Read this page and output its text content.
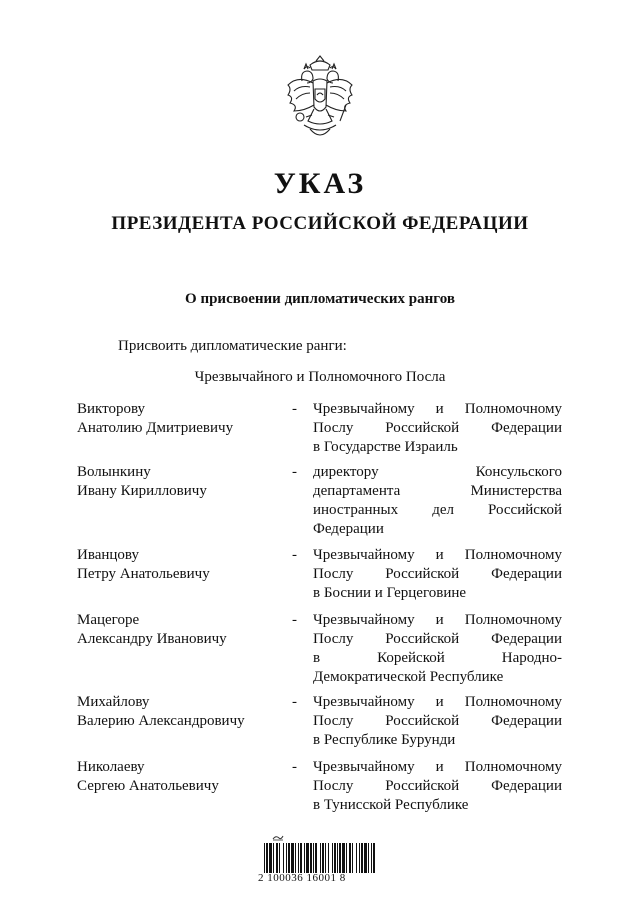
УКАЗ
ПРЕЗИДЕНТА РОССИЙСКОЙ ФЕДЕРАЦИИ
О присвоении дипломатических рангов
Присвоить дипломатические ранги:
Чрезвычайного и Полномочного Посла
Викторову
Анатолию Дмитриевичу
- Чрезвычайному и Полномочному
Послу Российской Федерации
в Государстве Израиль
Волынкину
Ивану Кирилловичу
- директору Консульского
департамента Министерства
иностранных дел Российской
Федерации
Иванцову
Петру Анатольевичу
- Чрезвычайному и Полномочному
Послу Российской Федерации
в Боснии и Герцеговине
Мацегоре
Александру Ивановичу
- Чрезвычайному и Полномочному
Послу Российской Федерации
в Корейской Народно-
Демократической Республике
Михайлову
Валерию Александровичу
- Чрезвычайному и Полномочному
Послу Российской Федерации
в Республике Бурунди
Николаеву
Сергею Анатольевичу
- Чрезвычайному и Полномочному
Послу Российской Федерации
в Тунисской Республике
2 100036 16001 8
